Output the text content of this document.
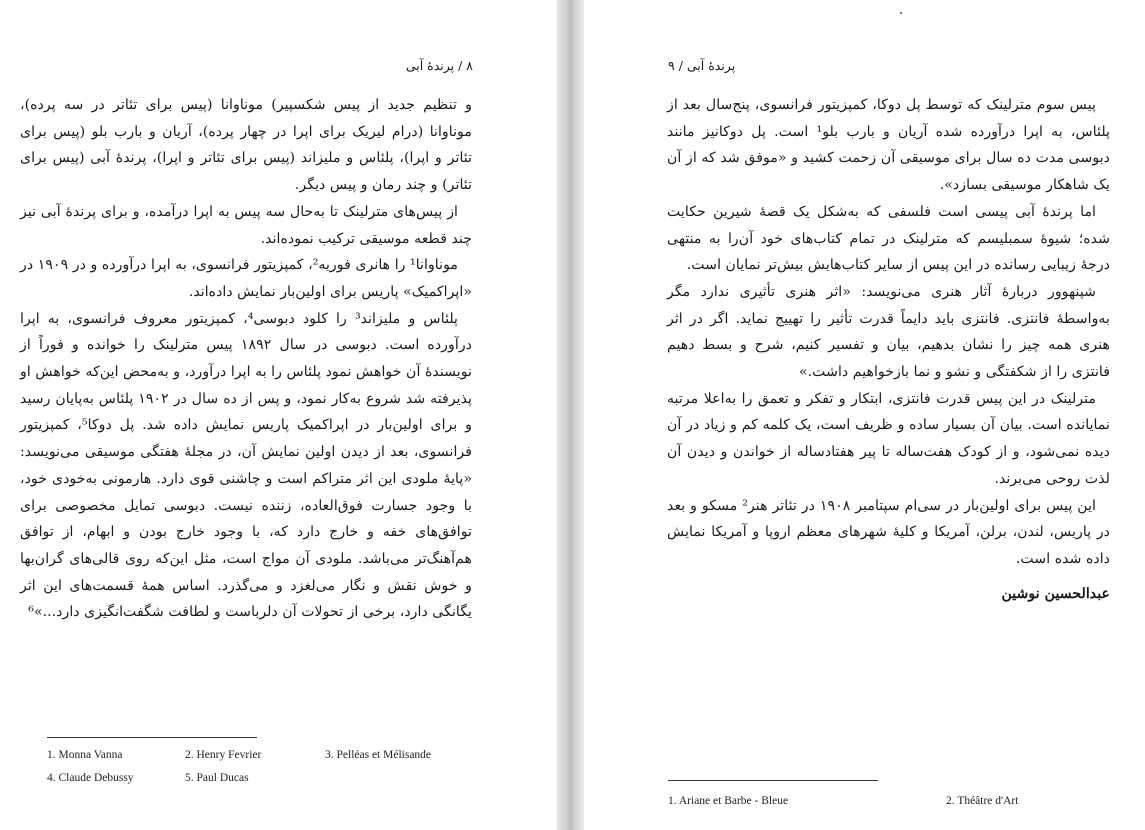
۸ / پرندهٔ آبی

و تنظیم جدید از پیس شکسپیر) موناوانا (پیس برای تئاتر در سه پرده)، موناوانا (درام لیریک برای اپرا در چهار پرده)، آریان و بارب بلو (پیس برای تئاتر و اپرا)، پلئاس و ملیزاند (پیس برای تئاتر و اپرا)، پرندهٔ آبی (پیس برای تئاتر) و چند رمان و پیس دیگر.

از پیس‌های مترلینک تا به‌حال سه پیس به اپرا درآمده، و برای پرندهٔ آبی نیز چند قطعه موسیقی ترکیب نموده‌اند.

موناوانا¹ را هانری فوریه²، کمپزیتور فرانسوی، به اپرا درآورده و در ۱۹۰۹ در «اپراکمیک» پاریس برای اولین‌بار نمایش داده‌اند.

پلئاس و ملیزاند³ را کلود دبوسی⁴، کمپزیتور معروف فرانسوی، به اپرا درآورده است. دبوسی در سال ۱۸۹۲ پیس مترلینک را خوانده و فوراً از نویسندهٔ آن خواهش نمود پلئاس را به اپرا درآورد، و به‌محض این‌که خواهش او پذیرفته شد شروع به‌کار نمود، و پس از ده سال در ۱۹۰۲ پلئاس به‌پایان رسید و برای اولین‌بار در اپراکمیک پاریس نمایش داده شد. پل دوکا⁵، کمپزیتور فرانسوی، بعد از دیدن اولین نمایش آن، در مجلهٔ هفتگی موسیقی می‌نویسد: «پایهٔ ملودی این اثر متراکم است و چاشنی قوی دارد. هارمونی به‌خودی خود، با وجود جسارت فوق‌العاده، زننده نیست. دبوسی تمایل مخصوصی برای توافق‌های خفه و خارج دارد که، با وجود خارج بودن و ابهام، از توافق هم‌آهنگ‌تر می‌باشد. ملودی آن مواج است، مثل این‌که روی قالی‌های گران‌بها و خوش نقش و نگار می‌لغزد و می‌گذرد. اساس همهٔ قسمت‌های این اثر یگانگی دارد، برخی از تحولات آن دلرباست و لطافت شگفت‌انگیزی دارد...»⁶

1. Monna Vanna	2. Henry Fevrier	3. Pelléas et Mélisande
4. Claude Debussy	5. Paul Ducas
پرندهٔ آبی / ۹

پیس سوم مترلینک که توسط پل دوکا، کمپزیتور فرانسوی، پنج‌سال بعد از پلئاس، به اپرا درآورده شده آریان و بارب بلو¹ است. پل دوکانیز مانند دبوسی مدت ده سال برای موسیقی آن زحمت کشید و «موفق شد که از آن یک شاهکار موسیقی بسازد».

اما پرندهٔ آبی پیسی است فلسفی که به‌شکل یک قصهٔ شیرین حکایت شده؛ شیوهٔ سمبلیسم که مترلینک در تمام کتاب‌های خود آن‌را به منتهی درجهٔ زیبایی رسانده در این پیس از سایر کتاب‌هایش بیش‌تر نمایان است.

شپنهوور دربارهٔ آثار هنری می‌نویسد: «اثر هنری تأثیری ندارد مگر به‌واسطهٔ فانتزی. فانتزی باید دایماً قدرت تأثیر را تهییج نماید. اگر در اثر هنری همه چیز را نشان بدهیم، بیان و تفسیر کنیم، شرح و بسط دهیم فانتزی را از شکفتگی و نشو و نما بازخواهیم داشت.»

مترلینک در این پیس قدرت فانتزی، ابتکار و تفکر و تعمق را به‌اعلا مرتبه نمایانده است. بیان آن بسیار ساده و ظریف است، یک کلمه کم و زیاد در آن دیده نمی‌شود، و از کودک هفت‌ساله تا پیر هفتادساله از خواندن و دیدن آن لذت روحی می‌برند.

این پیس برای اولین‌بار در سی‌ام سپتامبر ۱۹۰۸ در تئاتر هنر² مسکو و بعد در پاریس، لندن، برلن، آمریکا و کلیهٔ شهرهای معظم اروپا و آمریکا نمایش داده شده است.

عبدالحسین نوشین

1. Ariane et Barbe - Bleue	2. Théâtre d'Art
